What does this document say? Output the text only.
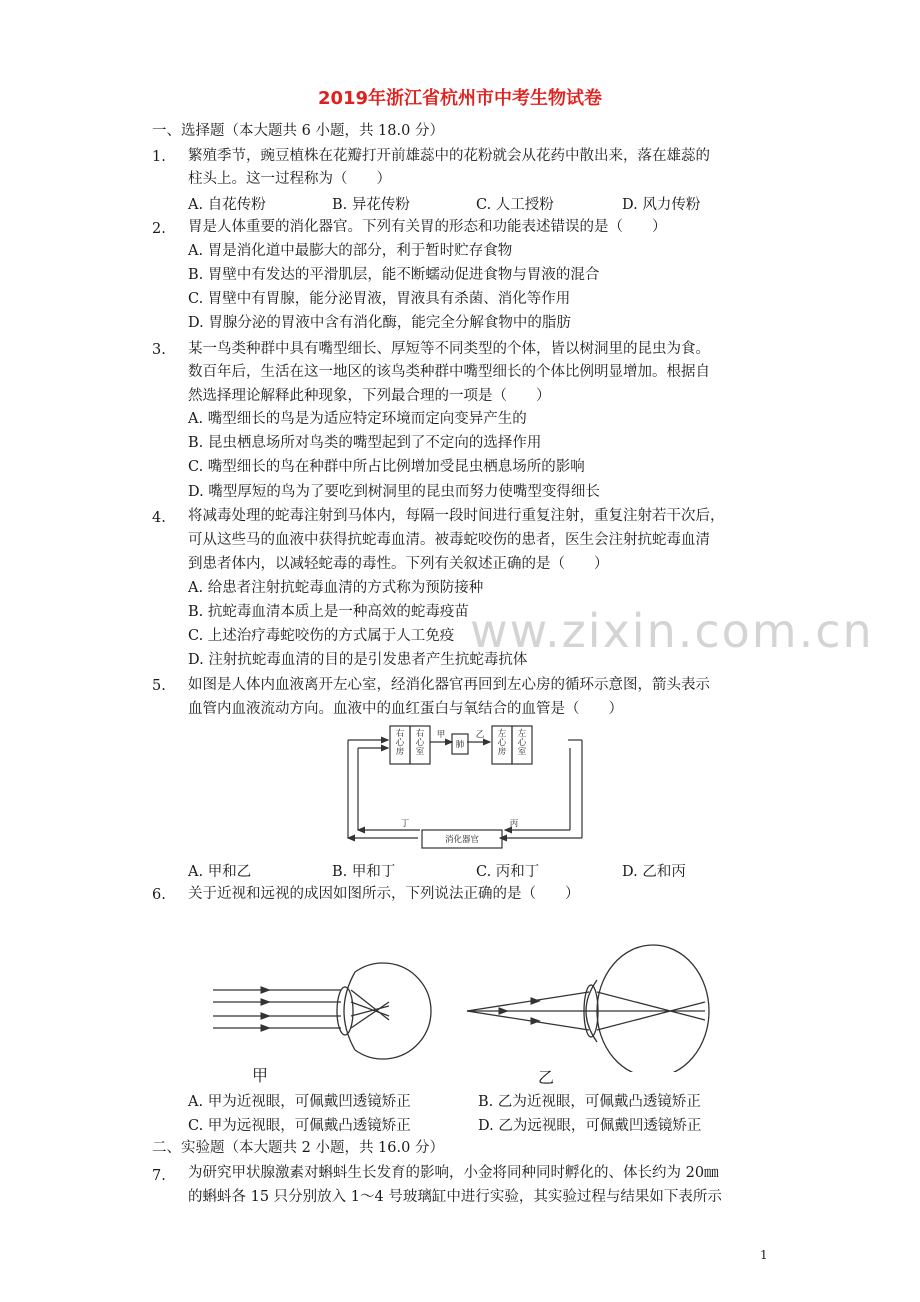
2019年浙江省杭州市中考生物试卷
ww.zixin.com.cn
一、选择题（本大题共 6 小题，共 18.0 分）
1. 繁殖季节，豌豆植株在花瓣打开前雄蕊中的花粉就会从花药中散出来，落在雄蕊的
柱头上。这一过程称为（　　）
A. 自花传粉	B. 异花传粉	C. 人工授粉	D. 风力传粉
2. 胃是人体重要的消化器官。下列有关胃的形态和功能表述错误的是（　　）
A. 胃是消化道中最膨大的部分，利于暂时贮存食物
B. 胃壁中有发达的平滑肌层，能不断蠕动促进食物与胃液的混合
C. 胃壁中有胃腺，能分泌胃液，胃液具有杀菌、消化等作用
D. 胃腺分泌的胃液中含有消化酶，能完全分解食物中的脂肪
3. 某一鸟类种群中具有嘴型细长、厚短等不同类型的个体，皆以树洞里的昆虫为食。
数百年后，生活在这一地区的该鸟类种群中嘴型细长的个体比例明显增加。根据自
然选择理论解释此种现象，下列最合理的一项是（　　）
A. 嘴型细长的鸟是为适应特定环境而定向变异产生的
B. 昆虫栖息场所对鸟类的嘴型起到了不定向的选择作用
C. 嘴型细长的鸟在种群中所占比例增加受昆虫栖息场所的影响
D. 嘴型厚短的鸟为了要吃到树洞里的昆虫而努力使嘴型变得细长
4. 将减毒处理的蛇毒注射到马体内，每隔一段时间进行重复注射，重复注射若干次后，
可从这些马的血液中获得抗蛇毒血清。被毒蛇咬伤的患者，医生会注射抗蛇毒血清
到患者体内，以减轻蛇毒的毒性。下列有关叙述正确的是（　　）
A. 给患者注射抗蛇毒血清的方式称为预防接种
B. 抗蛇毒血清本质上是一种高效的蛇毒疫苗
C. 上述治疗毒蛇咬伤的方式属于人工免疫
D. 注射抗蛇毒血清的目的是引发患者产生抗蛇毒抗体
5. 如图是人体内血液离开左心室，经消化器官再回到左心房的循环示意图，箭头表示
血管内血液流动方向。血液中的血红蛋白与氧结合的血管是（　　）
右心房
右心室
肺
左心房
左心室
甲	乙
丙
丁
消化器官
A. 甲和乙	B. 甲和丁	C. 丙和丁	D. 乙和丙
6. 关于近视和远视的成因如图所示，下列说法正确的是（　　）
甲	乙
A. 甲为近视眼，可佩戴凹透镜矫正	B. 乙为近视眼，可佩戴凸透镜矫正
C. 甲为远视眼，可佩戴凸透镜矫正	D. 乙为远视眼，可佩戴凹透镜矫正
二、实验题（本大题共 2 小题，共 16.0 分）
7. 为研究甲状腺激素对蝌蚪生长发育的影响，小金将同种同时孵化的、体长约为 20㎜
的蝌蚪各 15 只分别放入 1～4 号玻璃缸中进行实验，其实验过程与结果如下表所示
1
